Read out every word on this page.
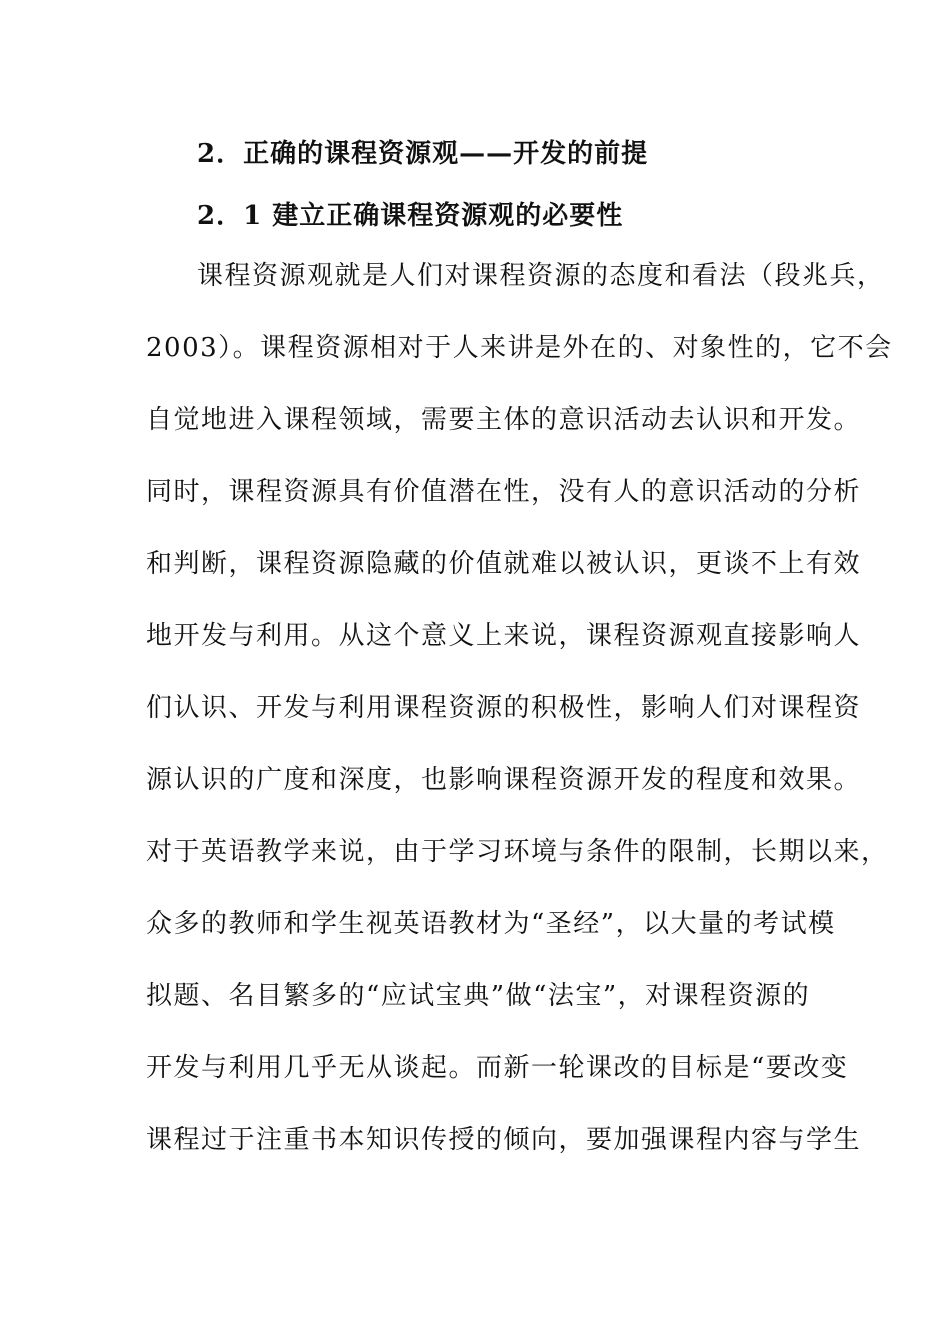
2．正确的课程资源观——开发的前提
2．1 建立正确课程资源观的必要性

课程资源观就是人们对课程资源的态度和看法（段兆兵，
2003）。课程资源相对于人来讲是外在的、对象性的，它不会
自觉地进入课程领域，需要主体的意识活动去认识和开发。
同时，课程资源具有价值潜在性，没有人的意识活动的分析
和判断，课程资源隐藏的价值就难以被认识，更谈不上有效
地开发与利用。从这个意义上来说，课程资源观直接影响人
们认识、开发与利用课程资源的积极性，影响人们对课程资
源认识的广度和深度，也影响课程资源开发的程度和效果。
对于英语教学来说，由于学习环境与条件的限制，长期以来，
众多的教师和学生视英语教材为“圣经”，以大量的考试模
拟题、名目繁多的“应试宝典”做“法宝”，对课程资源的
开发与利用几乎无从谈起。而新一轮课改的目标是“要改变
课程过于注重书本知识传授的倾向，要加强课程内容与学生
